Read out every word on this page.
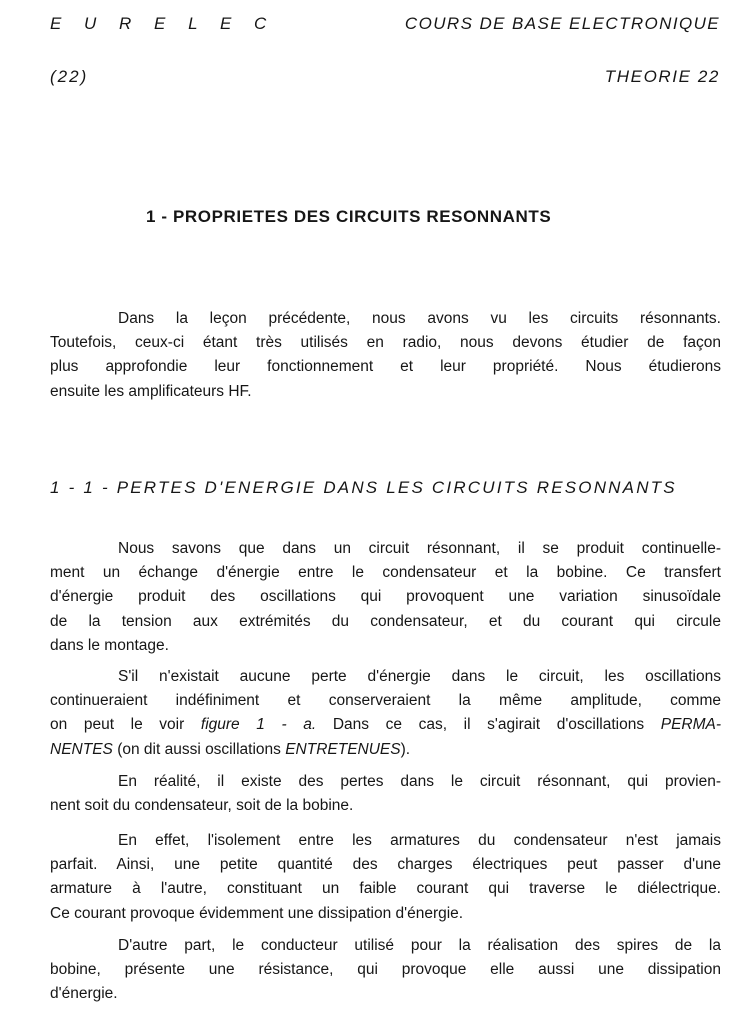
E U R E L E C	COURS DE BASE ELECTRONIQUE
(22)	THEORIE 22
1 - PROPRIETES DES CIRCUITS RESONNANTS
Dans la leçon précédente, nous avons vu les circuits résonnants.
Toutefois, ceux-ci étant très utilisés en radio, nous devons étudier de façon
plus approfondie leur fonctionnement et leur propriété. Nous étudierons
ensuite les amplificateurs HF.
1 - 1 - PERTES D'ENERGIE DANS LES CIRCUITS RESONNANTS
Nous savons que dans un circuit résonnant, il se produit continuelle-
ment un échange d'énergie entre le condensateur et la bobine. Ce transfert
d'énergie produit des oscillations qui provoquent une variation sinusoïdale
de la tension aux extrémités du condensateur, et du courant qui circule
dans le montage.
S'il n'existait aucune perte d'énergie dans le circuit, les oscillations
continueraient indéfiniment et conserveraient la même amplitude, comme
on peut le voir figure 1 - a. Dans ce cas, il s'agirait d'oscillations PERMA-
NENTES (on dit aussi oscillations ENTRETENUES).
En réalité, il existe des pertes dans le circuit résonnant, qui provien-
nent soit du condensateur, soit de la bobine.
En effet, l'isolement entre les armatures du condensateur n'est jamais
parfait. Ainsi, une petite quantité des charges électriques peut passer d'une
armature à l'autre, constituant un faible courant qui traverse le diélectrique.
Ce courant provoque évidemment une dissipation d'énergie.
D'autre part, le conducteur utilisé pour la réalisation des spires de la
bobine, présente une résistance, qui provoque elle aussi une dissipation
d'énergie.
